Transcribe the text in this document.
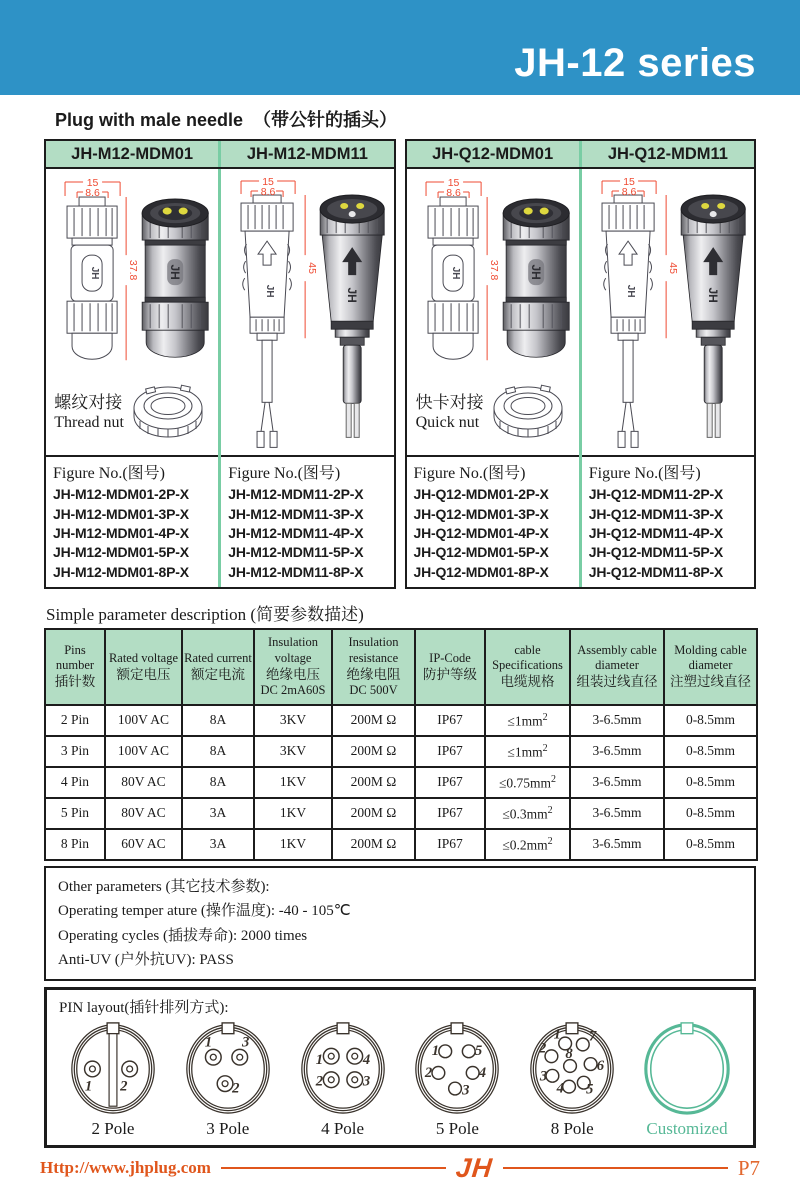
JH-12 series
Plug with male needle （带公针的插头）
JH-M12-MDM01	JH-M12-MDM11
螺纹对接
Thread nut
Figure No.(图号)
JH-M12-MDM01-2P-X
JH-M12-MDM01-3P-X
JH-M12-MDM01-4P-X
JH-M12-MDM01-5P-X
JH-M12-MDM01-8P-X
Figure No.(图号)
JH-M12-MDM11-2P-X
JH-M12-MDM11-3P-X
JH-M12-MDM11-4P-X
JH-M12-MDM11-5P-X
JH-M12-MDM11-8P-X
JH-Q12-MDM01	JH-Q12-MDM11
快卡对接
Quick nut
Figure No.(图号)
JH-Q12-MDM01-2P-X
JH-Q12-MDM01-3P-X
JH-Q12-MDM01-4P-X
JH-Q12-MDM01-5P-X
JH-Q12-MDM01-8P-X
Figure No.(图号)
JH-Q12-MDM11-2P-X
JH-Q12-MDM11-3P-X
JH-Q12-MDM11-4P-X
JH-Q12-MDM11-5P-X
JH-Q12-MDM11-8P-X
Simple parameter description (简要参数描述)
Pins number
插针数	Rated voltage
额定电压	Rated current
额定电流	Insulation voltage
绝缘电压
DC 2mA60S	Insulation resistance
绝缘电阻
DC 500V	IP-Code
防护等级	cable Specifications
电缆规格	Assembly cable diameter
组装过线直径	Molding cable diameter
注塑过线直径

2 Pin	100V AC	8A	3KV	200M Ω	IP67	$\le 1mm^2$	3-6.5mm	0-8.5mm
3 Pin	100V AC	8A	3KV	200M Ω	IP67	$\le 1mm^2$	3-6.5mm	0-8.5mm
4 Pin	80V AC	8A	1KV	200M Ω	IP67	$\le 0.75mm^2$	3-6.5mm	0-8.5mm
5 Pin	80V AC	3A	1KV	200M Ω	IP67	$\le 0.3mm^2$	3-6.5mm	0-8.5mm
8 Pin	60V AC	3A	1KV	200M Ω	IP67	$\le 0.2mm^2$	3-6.5mm	0-8.5mm
Other parameters (其它技术参数):
Operating temper ature (操作温度): -40 - 105℃
Operating cycles (插拔寿命): 2000 times
Anti-UV (户外抗UV): PASS
PIN layout(插针排列方式):
1 2
2 Pole
1 3
2
3 Pole
1	4
2	3
4 Pole
1 5
2	4
3
5 Pole
1 7
2
6
8
3
4 5
8 Pole	Customized
Http://www.jhplug.com	JH	P7
